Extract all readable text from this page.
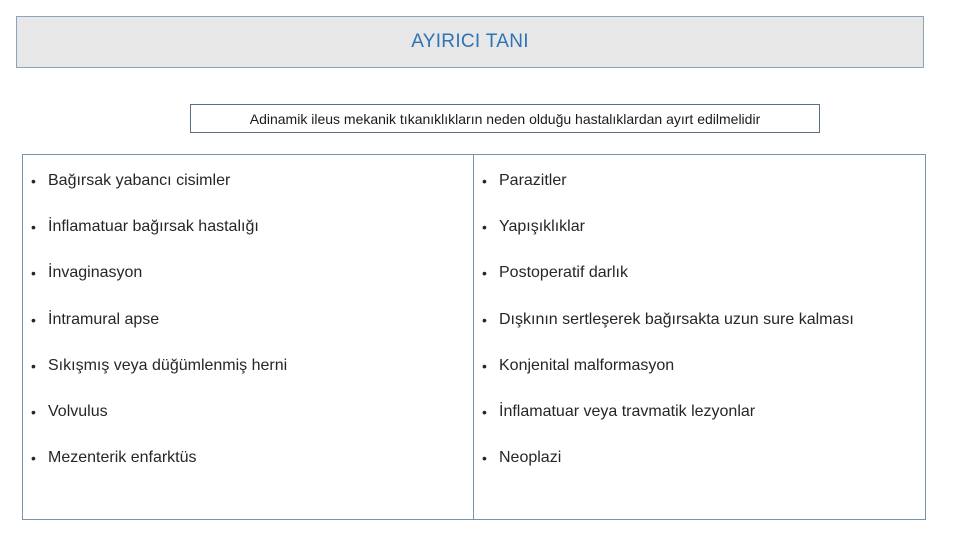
AYIRICI TANI
Adinamik ileus mekanik tıkanıklıkların neden olduğu hastalıklardan ayırt edilmelidir
• Bağırsak yabancı cisimler
• İnflamatuar bağırsak hastalığı
• İnvaginasyon
• İntramural apse
• Sıkışmış veya düğümlenmiş herni
• Volvulus
• Mezenterik enfarktüs
• Parazitler
• Yapışıklıklar
• Postoperatif darlık
• Dışkının sertleşerek bağırsakta uzun sure kalması
• Konjenital malformasyon
• İnflamatuar veya travmatik lezyonlar
• Neoplazi
